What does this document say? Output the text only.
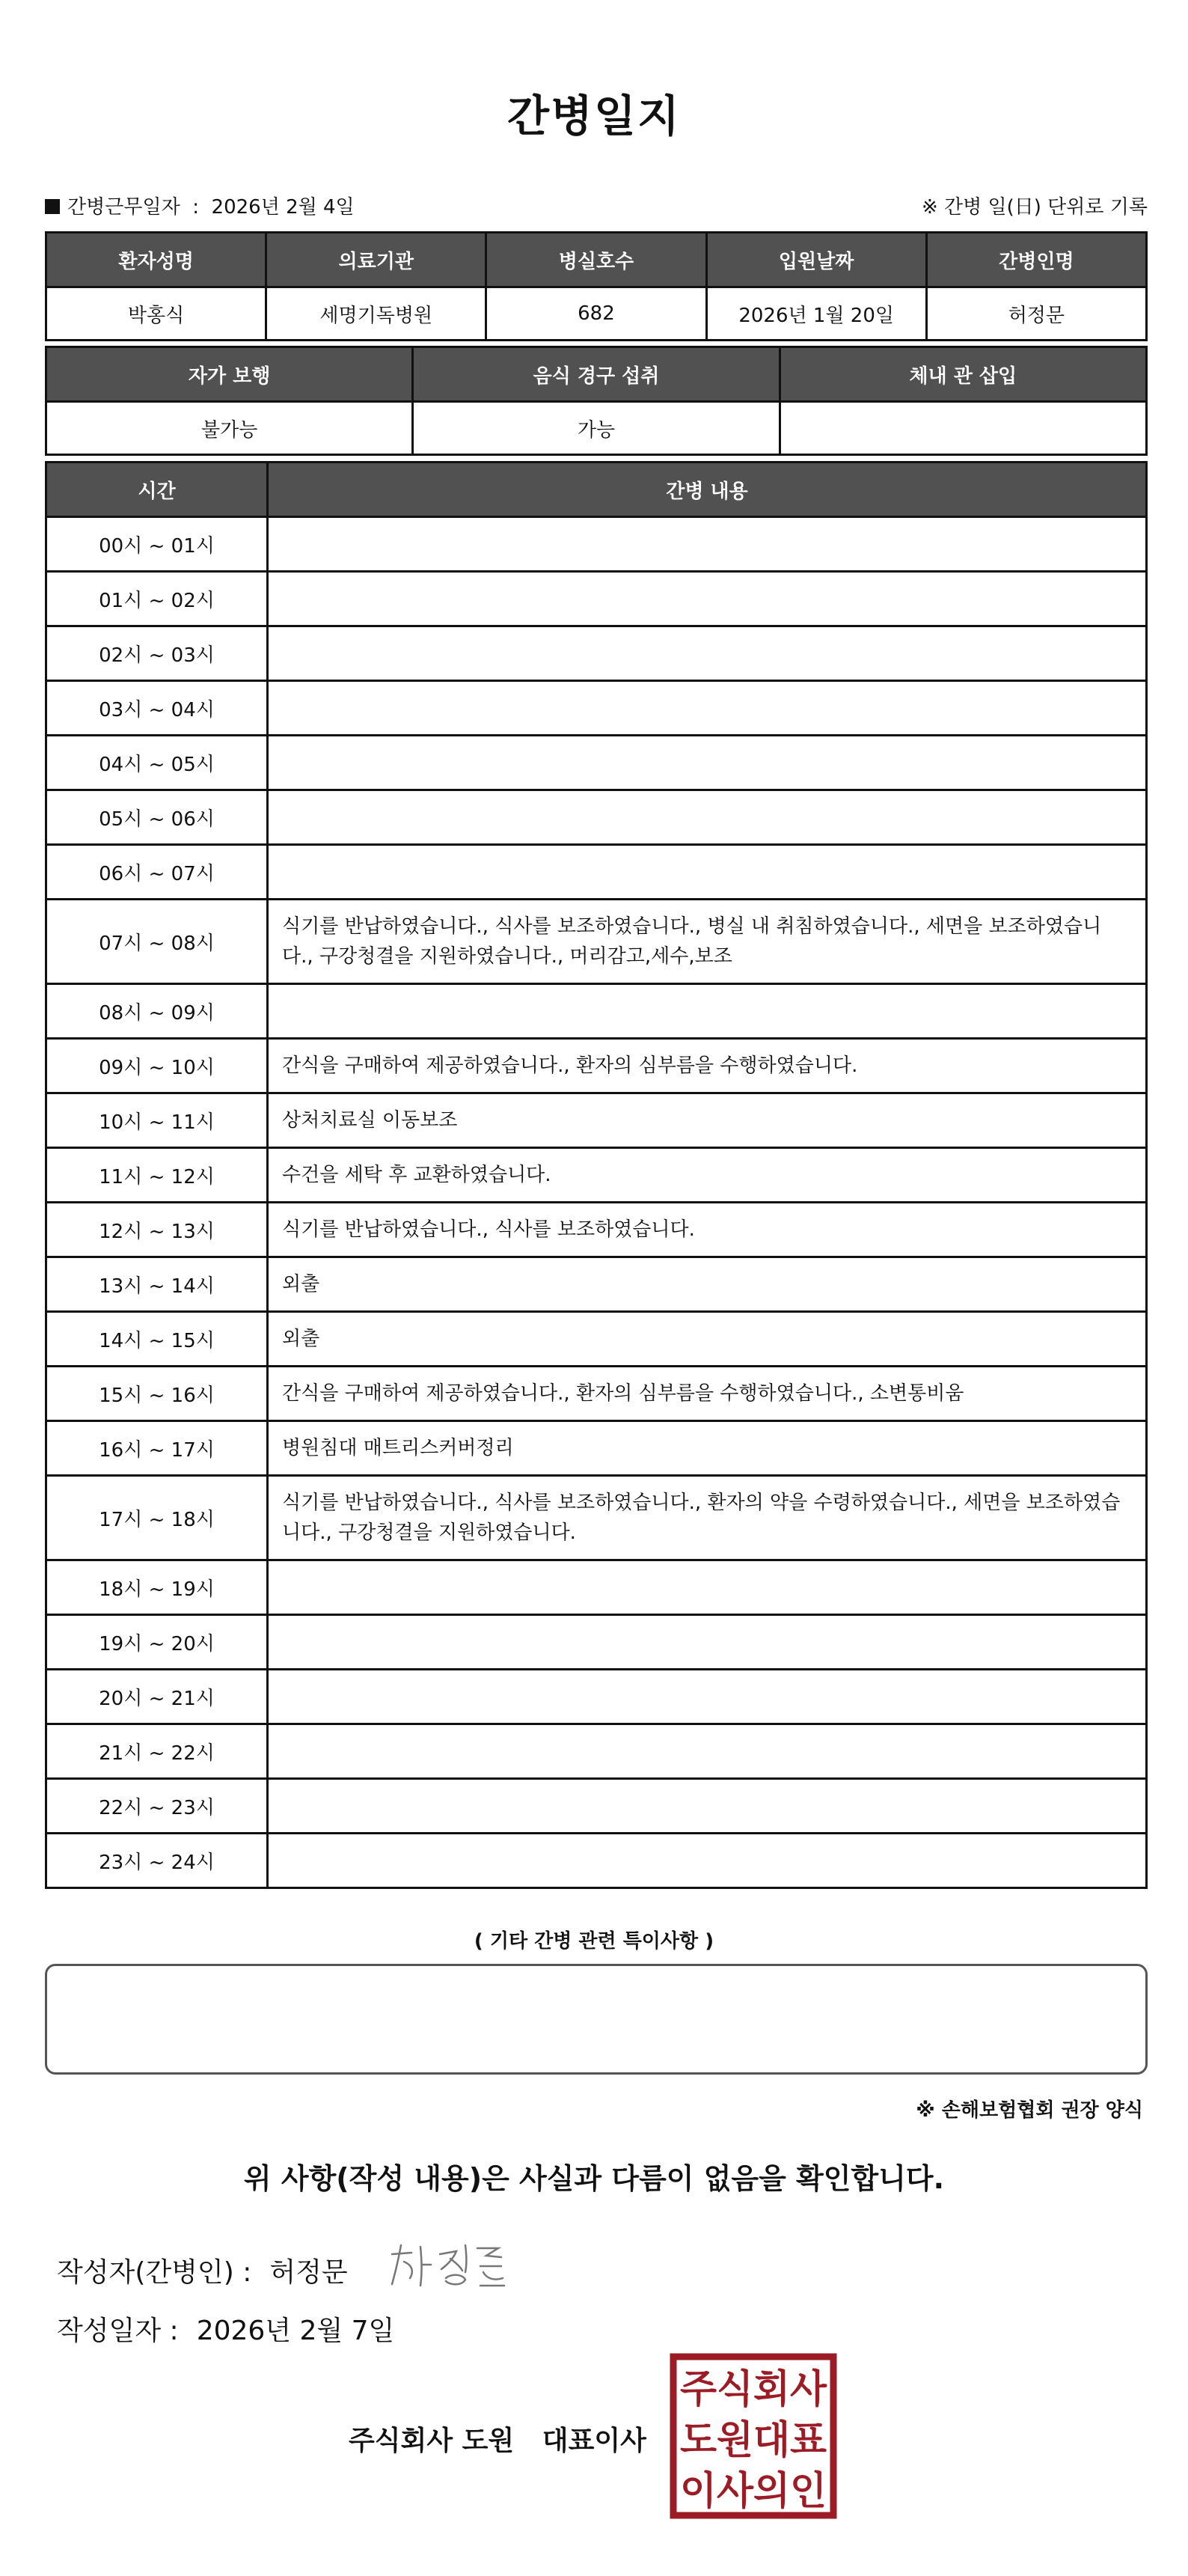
간병일지
간병근무일자  :  2026년 2월 4일	※ 간병 일(日) 단위로 기록
환자성명	의료기관	병실호수	입원날짜	간병인명
박홍식	세명기독병원	682	2026년 1월 20일	허정문
자가 보행	음식 경구 섭취	체내 관 삽입
불가능	가능	
시간	간병 내용
00시 ~ 01시	
01시 ~ 02시	
02시 ~ 03시	
03시 ~ 04시	
04시 ~ 05시	
05시 ~ 06시	
06시 ~ 07시	
07시 ~ 08시	식기를 반납하였습니다., 식사를 보조하였습니다., 병실 내 취침하였습니다., 세면을 보조하였습니다., 구강청결을 지원하였습니다., 머리감고,세수,보조
08시 ~ 09시	
09시 ~ 10시	간식을 구매하여 제공하였습니다., 환자의 심부름을 수행하였습니다.
10시 ~ 11시	상처치료실 이동보조
11시 ~ 12시	수건을 세탁 후 교환하였습니다.
12시 ~ 13시	식기를 반납하였습니다., 식사를 보조하였습니다.
13시 ~ 14시	외출
14시 ~ 15시	외출
15시 ~ 16시	간식을 구매하여 제공하였습니다., 환자의 심부름을 수행하였습니다., 소변통비움
16시 ~ 17시	병원침대 매트리스커버정리
17시 ~ 18시	식기를 반납하였습니다., 식사를 보조하였습니다., 환자의 약을 수령하였습니다., 세면을 보조하였습니다., 구강청결을 지원하였습니다.
18시 ~ 19시	
19시 ~ 20시	
20시 ~ 21시	
21시 ~ 22시	
22시 ~ 23시	
23시 ~ 24시	
( 기타 간병 관련 특이사항 )
※ 손해보험협회 권장 양식
위 사항(작성 내용)은 사실과 다름이 없음을 확인합니다.
작성자(간병인) : 허정문
작성일자 : 2026년 2월 7일
주식회사 도원   대표이사
주식회사
도원대표
이사의인
